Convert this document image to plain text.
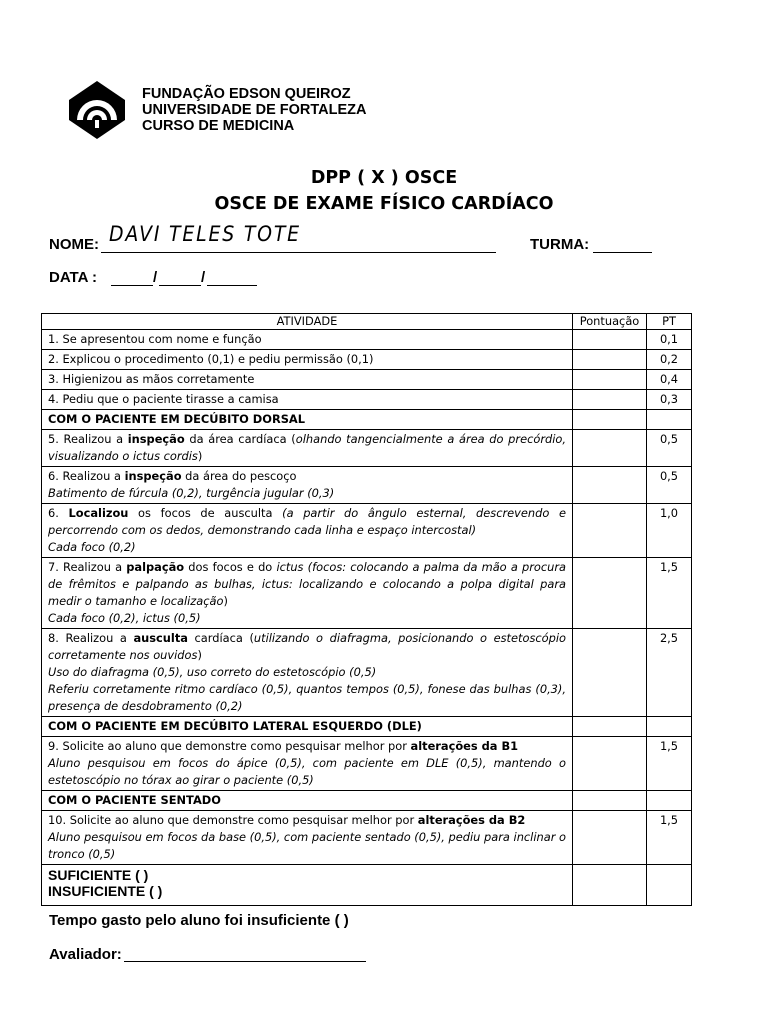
FUNDAÇÃO EDSON QUEIROZ
UNIVERSIDADE DE FORTALEZA
CURSO DE MEDICINA
DPP ( X ) OSCE
OSCE DE EXAME FÍSICO CARDÍACO
NOME: DAVI TELES TOTE	TURMA:
DATA :	/	/
ATIVIDADE	Pontuação	PT
1. Se apresentou com nome e função		0,1
2. Explicou o procedimento (0,1) e pediu permissão (0,1)		0,2
3. Higienizou as mãos corretamente		0,4
4. Pediu que o paciente tirasse a camisa		0,3
COM O PACIENTE EM DECÚBITO DORSAL		
5. Realizou a inspeção da área cardíaca (olhando tangencialmente a área do precórdio, visualizando o ictus cordis)		0,5
6. Realizou a inspeção da área do pescoço
Batimento de fúrcula (0,2), turgência jugular (0,3)		0,5
6. Localizou os focos de ausculta (a partir do ângulo esternal, descrevendo e percorrendo com os dedos, demonstrando cada linha e espaço intercostal)
Cada foco (0,2)		1,0
7. Realizou a palpação dos focos e do ictus (focos: colocando a palma da mão a procura de frêmitos e palpando as bulhas, ictus: localizando e colocando a polpa digital para medir o tamanho e localização)
Cada foco (0,2), ictus (0,5)		1,5
8. Realizou a ausculta cardíaca (utilizando o diafragma, posicionando o estetoscópio corretamente nos ouvidos)
Uso do diafragma (0,5), uso correto do estetoscópio (0,5)
Referiu corretamente ritmo cardíaco (0,5), quantos tempos (0,5), fonese das bulhas (0,3), presença de desdobramento (0,2)		2,5
COM O PACIENTE EM DECÚBITO LATERAL ESQUERDO (DLE)		
9. Solicite ao aluno que demonstre como pesquisar melhor por alterações da B1
Aluno pesquisou em focos do ápice (0,5), com paciente em DLE (0,5), mantendo o estetoscópio no tórax ao girar o paciente (0,5)		1,5
COM O PACIENTE SENTADO		
10. Solicite ao aluno que demonstre como pesquisar melhor por alterações da B2
Aluno pesquisou em focos da base (0,5), com paciente sentado (0,5), pediu para inclinar o tronco (0,5)		1,5

SUFICIENTE ( )
INSUFICIENTE ( )		

Tempo gasto pelo aluno foi insuficiente ( )
Avaliador:
